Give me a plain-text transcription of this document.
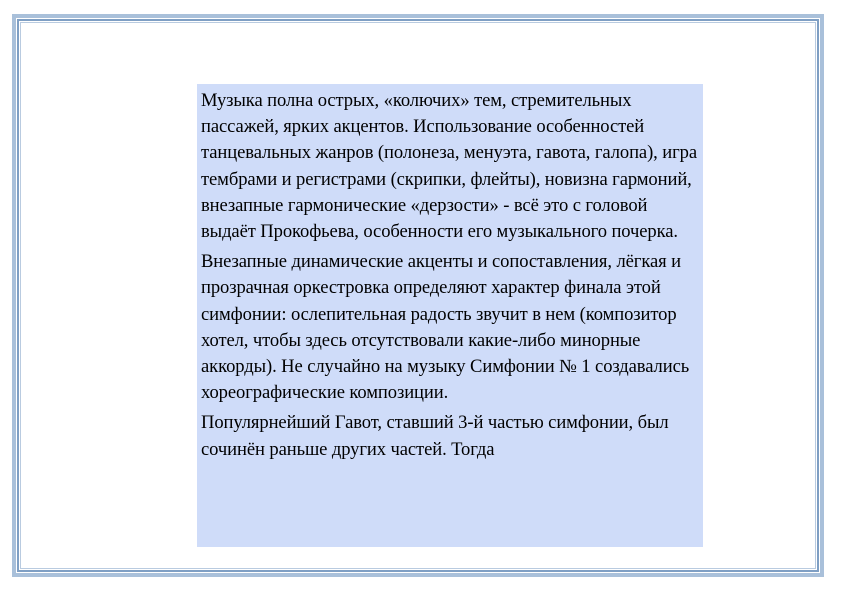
Музыка полна острых, «колючих» тем, стремительных пассажей, ярких акцентов. Использование особенностей танцевальных жанров (полонеза, менуэта, гавота, галопа), игра тембрами и регистрами (скрипки, флейты), новизна гармоний, внезапные гармонические «дерзости» - всё это с головой выдаёт Прокофьева, особенности его музыкального почерка.

Внезапные динамические акценты и сопоставления, лёгкая и прозрачная оркестровка определяют характер финала этой симфонии: ослепительная радость звучит в нем (композитор хотел, чтобы здесь отсутствовали какие-либо минорные аккорды). Не случайно на музыку Симфонии № 1 создавались хореографические композиции.

Популярнейший Гавот, ставший 3-й частью симфонии, был сочинён раньше других частей. Тогда
